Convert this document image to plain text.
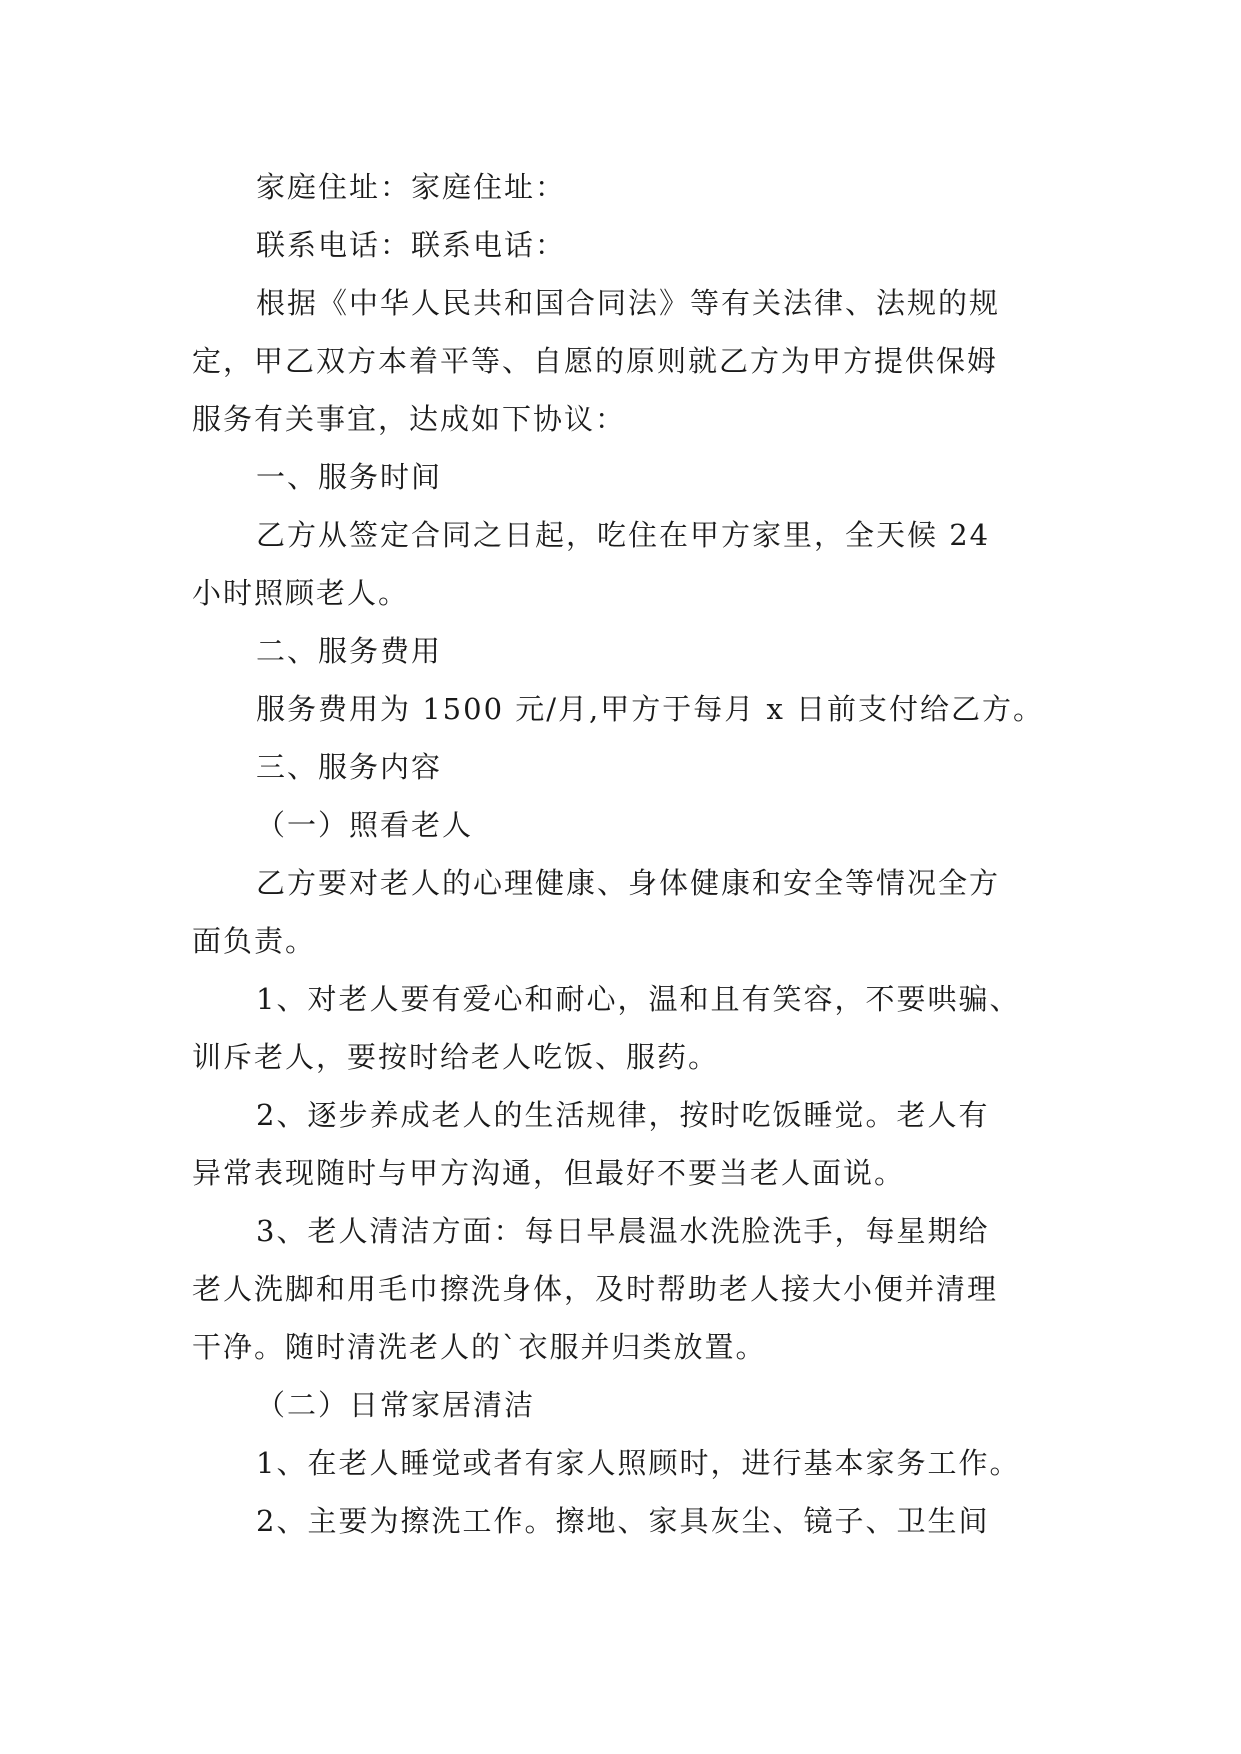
家庭住址：家庭住址：
联系电话：联系电话：
根据《中华人民共和国合同法》等有关法律、法规的规
定，甲乙双方本着平等、自愿的原则就乙方为甲方提供保姆
服务有关事宜，达成如下协议：
一、服务时间
乙方从签定合同之日起，吃住在甲方家里，全天候 24
小时照顾老人。
二、服务费用
服务费用为 1500 元/月,甲方于每月 x 日前支付给乙方。
三、服务内容
（一）照看老人
乙方要对老人的心理健康、身体健康和安全等情况全方
面负责。
1、对老人要有爱心和耐心，温和且有笑容，不要哄骗、
训斥老人，要按时给老人吃饭、服药。
2、逐步养成老人的生活规律，按时吃饭睡觉。老人有
异常表现随时与甲方沟通，但最好不要当老人面说。
3、老人清洁方面：每日早晨温水洗脸洗手，每星期给
老人洗脚和用毛巾擦洗身体，及时帮助老人接大小便并清理
干净。随时清洗老人的`衣服并归类放置。
（二）日常家居清洁
1、在老人睡觉或者有家人照顾时，进行基本家务工作。
2、主要为擦洗工作。擦地、家具灰尘、镜子、卫生间
